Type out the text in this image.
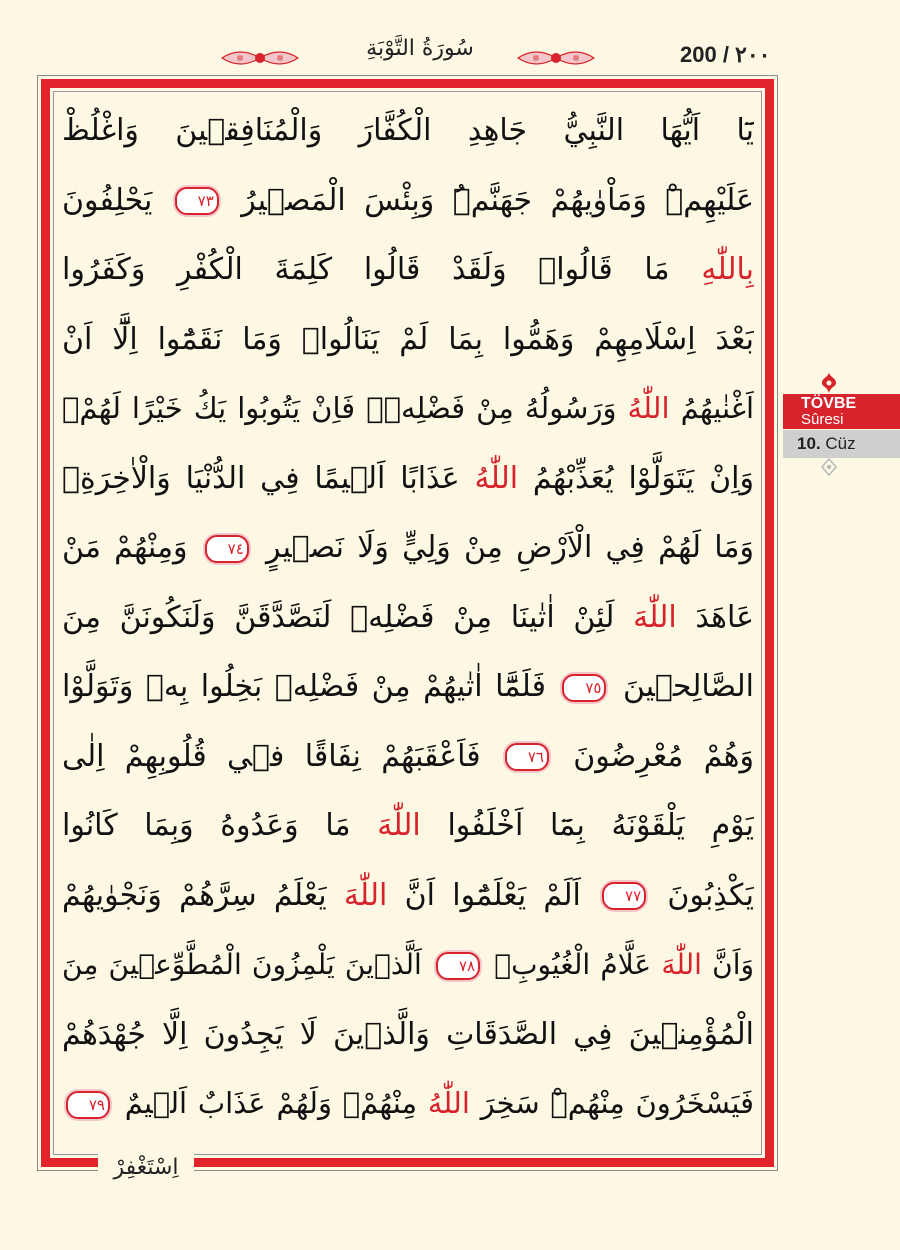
سُورَةُ التَّوْبَةِ	200 / ٢٠٠
يَٓا اَيُّهَا النَّبِيُّ جَاهِدِ الْكُفَّارَ وَالْمُنَافِق۪ينَ وَاغْلُظْ
عَلَيْهِمْۜ وَمَاْوٰيهُمْ جَهَنَّمُۜ وَبِئْسَ الْمَص۪يرُ ٧٣ يَحْلِفُونَ
بِاللّٰهِ مَا قَالُواۜ وَلَقَدْ قَالُوا كَلِمَةَ الْكُفْرِ وَكَفَرُوا
بَعْدَ اِسْلَامِهِمْ وَهَمُّوا بِمَا لَمْ يَنَالُواۚ وَمَا نَقَمُٓوا اِلَّٓا اَنْ
اَغْنٰيهُمُ اللّٰهُ وَرَسُولُهُ مِنْ فَضْلِه۪ۚ فَاِنْ يَتُوبُوا يَكُ خَيْرًا لَهُمْۚ
وَاِنْ يَتَوَلَّوْا يُعَذِّبْهُمُ اللّٰهُ عَذَابًا اَل۪يمًا فِي الدُّنْيَا وَالْاٰخِرَةِۚ
وَمَا لَهُمْ فِي الْاَرْضِ مِنْ وَلِيٍّ وَلَا نَص۪يرٍ ٧٤ وَمِنْهُمْ مَنْ
عَاهَدَ اللّٰهَ لَئِنْ اٰتٰينَا مِنْ فَضْلِه۪ لَنَصَّدَّقَنَّ وَلَنَكُونَنَّ مِنَ
الصَّالِح۪ينَ ٧٥ فَلَمَّٓا اٰتٰيهُمْ مِنْ فَضْلِه۪ بَخِلُوا بِه۪ وَتَوَلَّوْا
وَهُمْ مُعْرِضُونَ ٧٦ فَاَعْقَبَهُمْ نِفَاقًا ف۪ي قُلُوبِهِمْ اِلٰى
يَوْمِ يَلْقَوْنَهُ بِمَٓا اَخْلَفُوا اللّٰهَ مَا وَعَدُوهُ وَبِمَا كَانُوا
يَكْذِبُونَ ٧٧ اَلَمْ يَعْلَمُٓوا اَنَّ اللّٰهَ يَعْلَمُ سِرَّهُمْ وَنَجْوٰيهُمْ
وَاَنَّ اللّٰهَ عَلَّامُ الْغُيُوبِۚ ٧٨ اَلَّذ۪ينَ يَلْمِزُونَ الْمُطَّوِّع۪ينَ مِنَ
الْمُؤْمِن۪ينَ فِي الصَّدَقَاتِ وَالَّذ۪ينَ لَا يَجِدُونَ اِلَّا جُهْدَهُمْ
فَيَسْخَرُونَ مِنْهُمْۜ سَخِرَ اللّٰهُ مِنْهُمْۘ وَلَهُمْ عَذَابٌ اَل۪يمٌ ٧٩
اِسْتَغْفِرْ
TÖVBE
Sûresi
10. Cüz
